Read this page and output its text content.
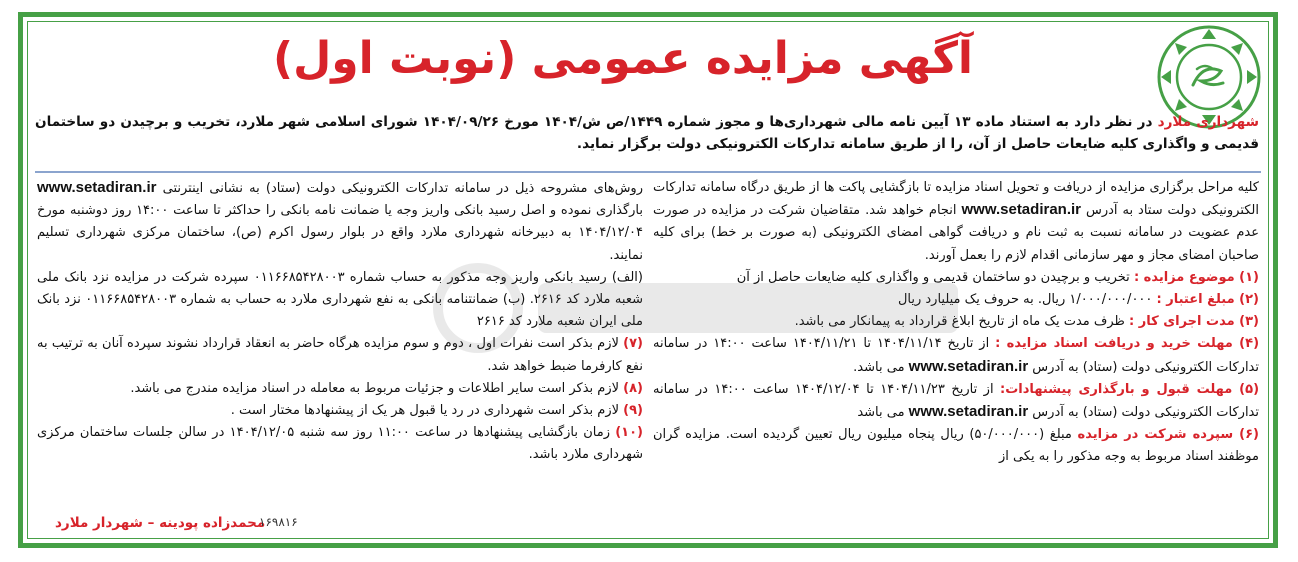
آگهی مزایده عمومی (نوبت اول)
شهرداری ملارد در نظر دارد به استناد ماده ۱۳ آیین نامه مالی شهرداری‌ها و مجوز شماره ۱۴۴۹/ص ش/۱۴۰۴ مورخ ۱۴۰۴/۰۹/۲۶ شورای اسلامی شهر ملارد، تخریب و برچیدن دو ساختمان قدیمی و واگذاری کلیه ضایعات حاصل از آن، را از طریق سامانه تدارکات الکترونیکی دولت برگزار نماید.

کلیه مراحل برگزاری مزایده از دریافت و تحویل اسناد مزایده تا بازگشایی پاکت ها از طریق درگاه سامانه تدارکات الکترونیکی دولت ستاد به آدرس www.setadiran.ir انجام خواهد شد. متقاضیان شرکت در مزایده در صورت عدم عضویت در سامانه نسبت به ثبت نام و دریافت گواهی امضای الکترونیکی (به صورت بر خط) برای کلیه صاحبان امضای مجاز و مهر سازمانی اقدام لازم را بعمل آورند.

(۱) موضوع مزایده : تخریب و برچیدن دو ساختمان قدیمی و واگذاری کلیه ضایعات حاصل از آن

(۲) مبلغ اعتبار : ۱/۰۰۰/۰۰۰/۰۰۰ ریال. به حروف یک میلیارد ریال

(۳) مدت اجرای کار : ظرف مدت یک ماه از تاریخ ابلاغ قرارداد به پیمانکار می باشد.

(۴) مهلت خرید و دریافت اسناد مزایده : از تاریخ ۱۴۰۴/۱۱/۱۴ تا ۱۴۰۴/۱۱/۲۱ ساعت ۱۴:۰۰ در سامانه تدارکات الکترونیکی دولت (ستاد) به آدرس www.setadiran.ir می باشد.

(۵) مهلت قبول و بارگذاری پیشنهادات: از تاریخ ۱۴۰۴/۱۱/۲۳ تا ۱۴۰۴/۱۲/۰۴ ساعت ۱۴:۰۰ در سامانه تدارکات الکترونیکی دولت (ستاد) به آدرس www.setadiran.ir می باشد

(۶) سپرده شرکت در مزایده مبلغ (۵۰/۰۰۰/۰۰۰) ریال پنجاه میلیون ریال تعیین گردیده است. مزایده گران موظفند اسناد مربوط به وجه مذکور را به یکی از

روش‌های مشروحه ذیل در سامانه تدارکات الکترونیکی دولت (ستاد) به نشانی اینترنتی www.setadiran.ir بارگذاری نموده و اصل رسید بانکی واریز وجه یا ضمانت نامه بانکی را حداکثر تا ساعت ۱۴:۰۰ روز دوشنبه مورخ ۱۴۰۴/۱۲/۰۴ به دبیرخانه شهرداری ملارد واقع در بلوار رسول اکرم (ص)، ساختمان مرکزی شهرداری تسلیم نمایند.

(الف) رسید بانکی واریز وجه مذکور به حساب شماره ۰۱۱۶۶۸۵۴۲۸۰۰۳ سپرده شرکت در مزایده نزد بانک ملی شعبه ملارد کد ۲۶۱۶. (ب) ضمانتنامه بانکی به نفع شهرداری ملارد به حساب به شماره ۰۱۱۶۶۸۵۴۲۸۰۰۳ نزد بانک ملی ایران شعبه ملارد کد ۲۶۱۶

(۷) لازم بذکر است نفرات اول ، دوم و سوم مزایده هرگاه حاضر به انعقاد قرارداد نشوند سپرده آنان به ترتیب به نفع کارفرما ضبط خواهد شد.

(۸) لازم بذکر است سایر اطلاعات و جزئیات مربوط به معامله در اسناد مزایده مندرج می باشد.

(۹) لازم بذکر است شهرداری در رد یا قبول هر یک از پیشنهادها مختار است .

(۱۰) زمان بازگشایی پیشنهادها در ساعت ۱۱:۰۰ روز سه شنبه ۱۴۰۴/۱۲/۰۵ در سالن جلسات ساختمان مرکزی شهرداری ملارد باشد.

محمدزاده پودینه – شهردار ملارد
۱۶۹۸۱۶
